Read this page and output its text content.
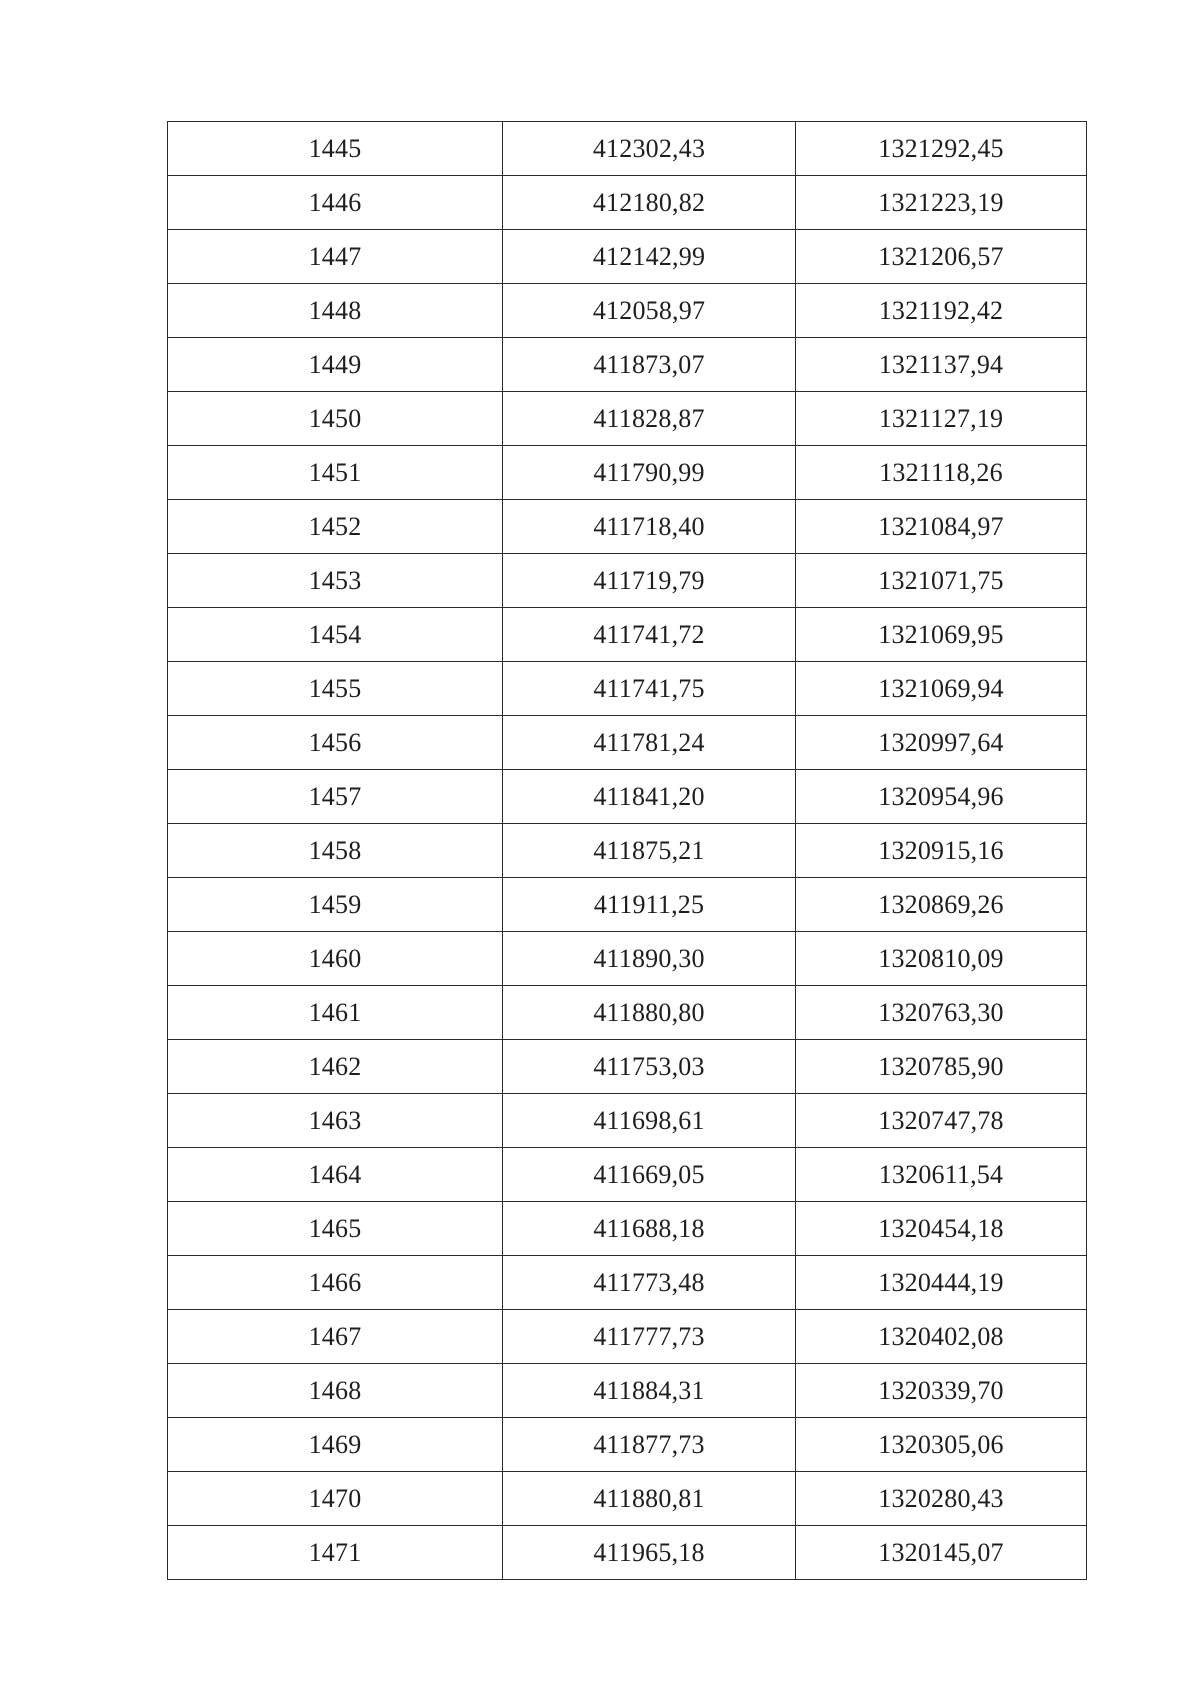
1445	412302,43	1321292,45
1446	412180,82	1321223,19
1447	412142,99	1321206,57
1448	412058,97	1321192,42
1449	411873,07	1321137,94
1450	411828,87	1321127,19
1451	411790,99	1321118,26
1452	411718,40	1321084,97
1453	411719,79	1321071,75
1454	411741,72	1321069,95
1455	411741,75	1321069,94
1456	411781,24	1320997,64
1457	411841,20	1320954,96
1458	411875,21	1320915,16
1459	411911,25	1320869,26
1460	411890,30	1320810,09
1461	411880,80	1320763,30
1462	411753,03	1320785,90
1463	411698,61	1320747,78
1464	411669,05	1320611,54
1465	411688,18	1320454,18
1466	411773,48	1320444,19
1467	411777,73	1320402,08
1468	411884,31	1320339,70
1469	411877,73	1320305,06
1470	411880,81	1320280,43
1471	411965,18	1320145,07
